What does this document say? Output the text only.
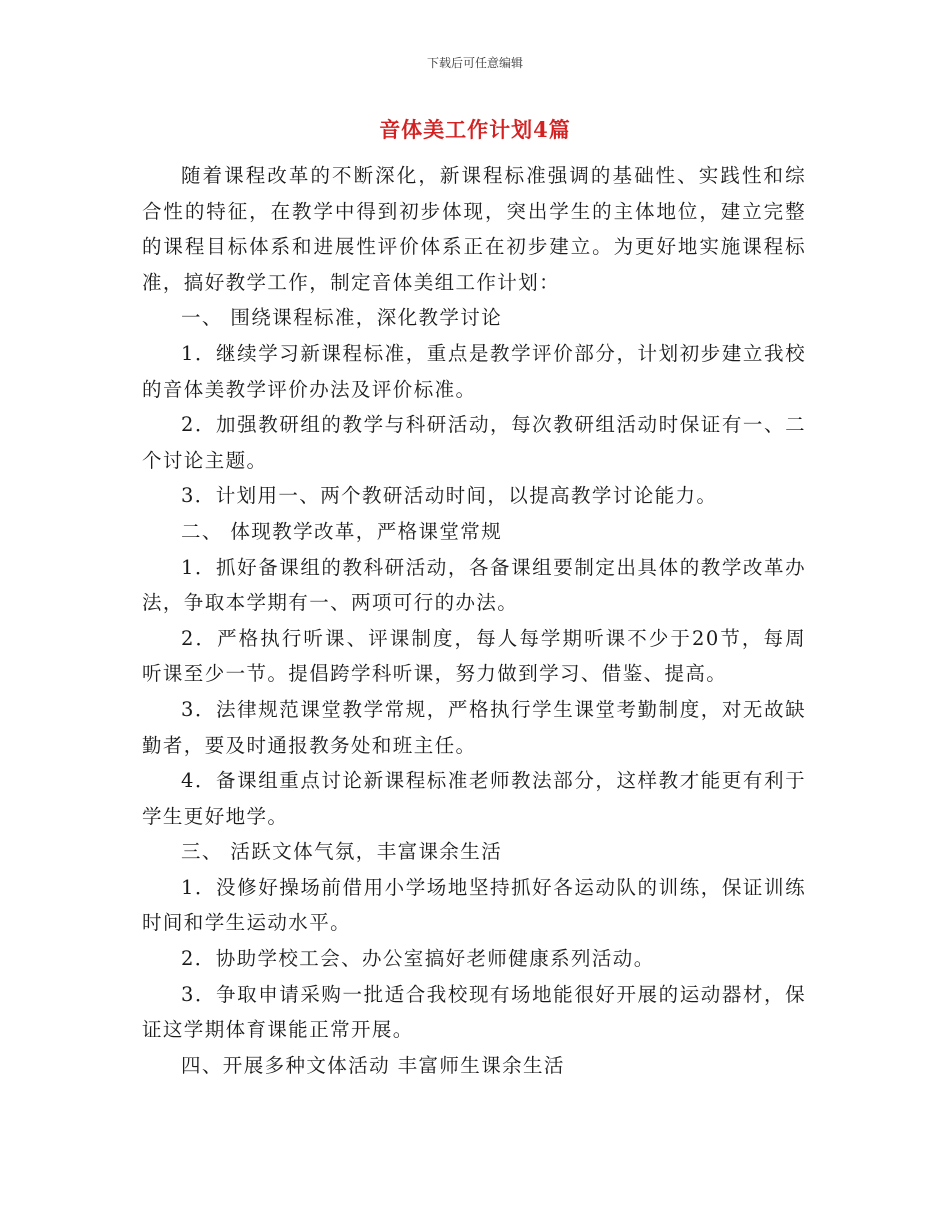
下载后可任意编辑
音体美工作计划4篇

随着课程改革的不断深化，新课程标准强调的基础性、实践性和综合性的特征，在教学中得到初步体现，突出学生的主体地位，建立完整的课程目标体系和进展性评价体系正在初步建立。为更好地实施课程标准，搞好教学工作，制定音体美组工作计划：

一、 围绕课程标准，深化教学讨论

1．继续学习新课程标准，重点是教学评价部分，计划初步建立我校的音体美教学评价办法及评价标准。

2．加强教研组的教学与科研活动，每次教研组活动时保证有一、二个讨论主题。

3．计划用一、两个教研活动时间，以提高教学讨论能力。

二、 体现教学改革，严格课堂常规

1．抓好备课组的教科研活动，各备课组要制定出具体的教学改革办法，争取本学期有一、两项可行的办法。

2．严格执行听课、评课制度，每人每学期听课不少于20节，每周听课至少一节。提倡跨学科听课，努力做到学习、借鉴、提高。

3．法律规范课堂教学常规，严格执行学生课堂考勤制度，对无故缺勤者，要及时通报教务处和班主任。

4．备课组重点讨论新课程标准老师教法部分，这样教才能更有利于学生更好地学。

三、 活跃文体气氛，丰富课余生活

1．没修好操场前借用小学场地坚持抓好各运动队的训练，保证训练时间和学生运动水平。

2．协助学校工会、办公室搞好老师健康系列活动。

3．争取申请采购一批适合我校现有场地能很好开展的运动器材，保证这学期体育课能正常开展。

四、开展多种文体活动 丰富师生课余生活
